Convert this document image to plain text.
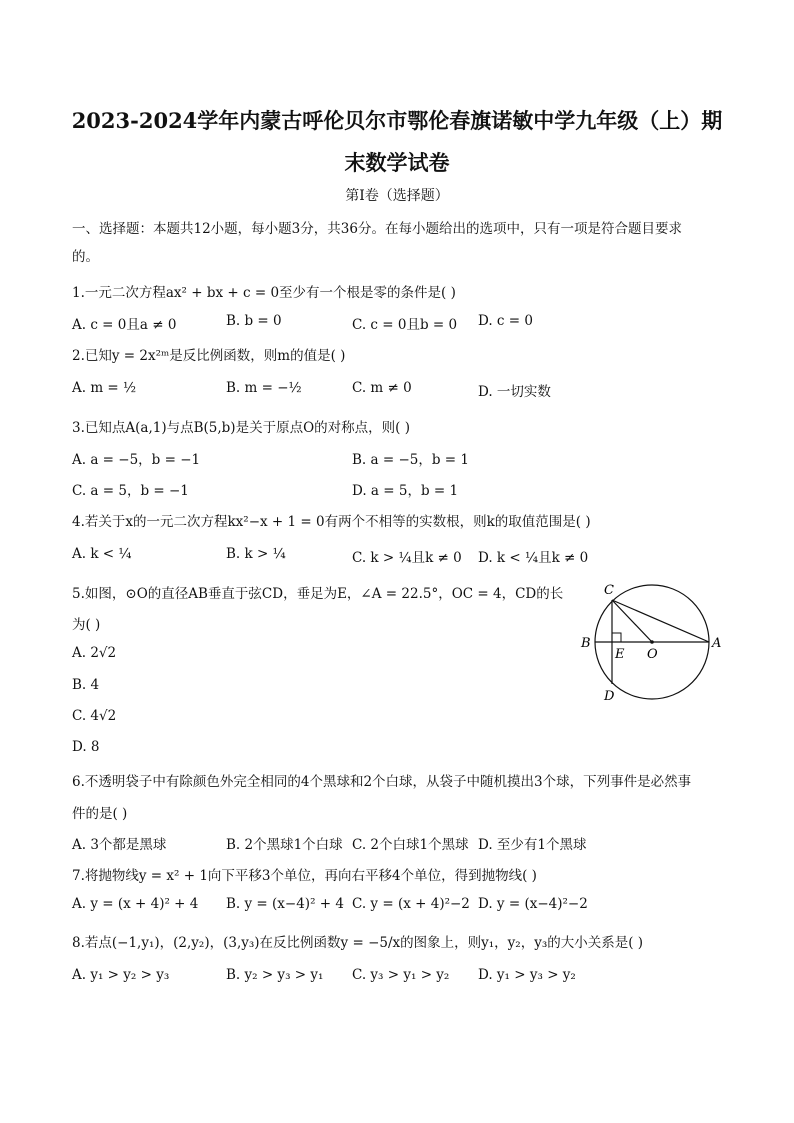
2023-2024学年内蒙古呼伦贝尔市鄂伦春旗诺敏中学九年级（上）期
末数学试卷
第Ⅰ卷（选择题）
一、选择题：本题共12小题，每小题3分，共36分。在每小题给出的选项中，只有一项是符合题目要求
的。
1.一元二次方程ax² + bx + c = 0至少有一个根是零的条件是( )
A. c = 0且a ≠ 0	B. b = 0	C. c = 0且b = 0 D. c = 0
2.已知y = 2x²ᵐ是反比例函数，则m的值是( )
A. m = ½	B. m = −½	C. m ≠ 0	D. 一切实数
3.已知点A(a,1)与点B(5,b)是关于原点O的对称点，则( )
A. a = −5，b = −1	B. a = −5，b = 1
C. a = 5，b = −1	D. a = 5，b = 1
4.若关于x的一元二次方程kx²−x + 1 = 0有两个不相等的实数根，则k的取值范围是( )
A. k < ¼	B. k > ¼	C. k > ¼且k ≠ 0 D. k < ¼且k ≠ 0
5.如图，⊙O的直径AB垂直于弦CD，垂足为E，∠A = 22.5°，OC = 4，CD的长
为( )
A. 2√2
B. 4
C. 4√2
D. 8
C
B
E O
A
D
6.不透明袋子中有除颜色外完全相同的4个黑球和2个白球，从袋子中随机摸出3个球，下列事件是必然事
件的是( )
A. 3个都是黑球	B. 2个黑球1个白球 C. 2个白球1个黑球 D. 至少有1个黑球
7.将抛物线y = x² + 1向下平移3个单位，再向右平移4个单位，得到抛物线( )
A. y = (x + 4)² + 4 B. y = (x−4)² + 4 C. y = (x + 4)²−2 D. y = (x−4)²−2
8.若点(−1,y₁)，(2,y₂)，(3,y₃)在反比例函数y = −5/x的图象上，则y₁，y₂，y₃的大小关系是( )
A. y₁ > y₂ > y₃	B. y₂ > y₃ > y₁ C. y₃ > y₁ > y₂ D. y₁ > y₃ > y₂
